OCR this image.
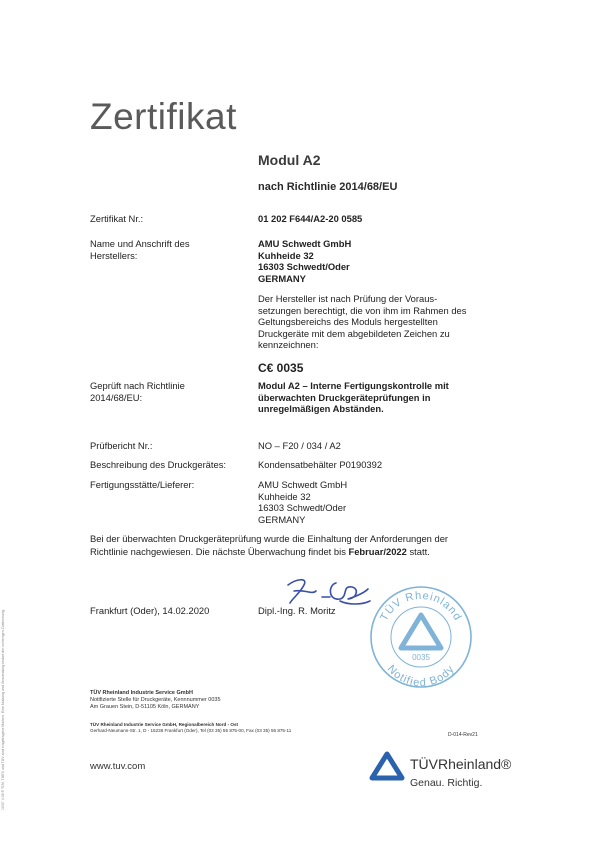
Zertifikat
Modul A2
nach Richtlinie 2014/68/EU
Zertifikat Nr.:	01 202 F644/A2-20 0585
Name und Anschrift des
Herstellers:
AMU Schwedt GmbH
Kuhheide 32
16303 Schwedt/Oder
GERMANY
Der Hersteller ist nach Prüfung der Voraus-
setzungen berechtigt, die von ihm im Rahmen des
Geltungsbereichs des Moduls hergestellten
Druckgeräte mit dem abgebildeten Zeichen zu
kennzeichnen:
C€ 0035
Geprüft nach Richtlinie
2014/68/EU:
Modul A2 – Interne Fertigungskontrolle mit
überwachten Druckgeräteprüfungen in
unregelmäßigen Abständen.
Prüfbericht Nr.:	NO – F20 / 034 / A2
Beschreibung des Druckgerätes:	Kondensatbehälter P0190392
Fertigungsstätte/Lieferer:	AMU Schwedt GmbH
Kuhheide 32
16303 Schwedt/Oder
GERMANY
Bei der überwachten Druckgeräteprüfung wurde die Einhaltung der Anforderungen der
Richtlinie nachgewiesen. Die nächste Überwachung findet bis Februar/2022 statt.
Frankfurt (Oder), 14.02.2020	Dipl.-Ing. R. Moritz	TÜV Rheinland
0035
Notified Body
TÜV Rheinland Industrie Service GmbH
Notifizierte Stelle für Druckgeräte, Kennnummer 0035
Am Grauen Stein, D-51105 Köln, GERMANY
TÜV Rheinland Industrie Service GmbH, Regionalbereich Nord - Ost
Gerhard-Neumann-Str. 1, D - 15236 Frankfurt (Oder), Tel (03 35) 55 875-00, Fax (03 35) 55 875-11
D-014-Rev21
www.tuv.com	TÜVRheinland®
Genau. Richtig.
10/07 4 08 ® TÜV, TUEV und TUV sind eingetragene Marken. Eine Nutzung und Verwendung bedarf der vorherigen Zustimmung.
